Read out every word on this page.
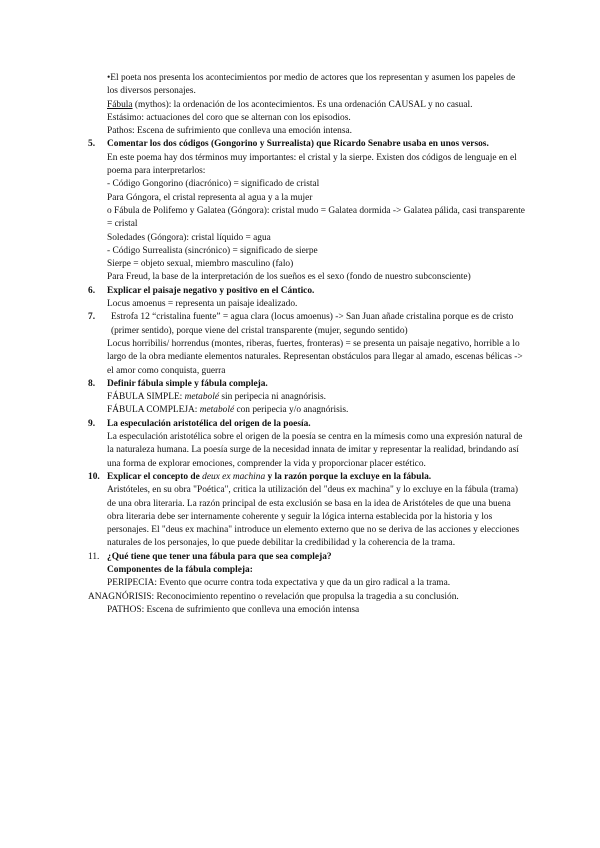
•El poeta nos presenta los acontecimientos por medio de actores que los representan y asumen los papeles de los diversos personajes.

Fábula (mythos): la ordenación de los acontecimientos. Es una ordenación CAUSAL y no casual.

Estásimo: actuaciones del coro que se alternan con los episodios.

Pathos: Escena de sufrimiento que conlleva una emoción intensa.

5. Comentar los dos códigos (Gongorino y Surrealista) que Ricardo Senabre usaba en unos versos.

En este poema hay dos términos muy importantes: el cristal y la sierpe. Existen dos códigos de lenguaje en el poema para interpretarlos:

- Código Gongorino (diacrónico) = significado de cristal

Para Góngora, el cristal representa al agua y a la mujer

o Fábula de Polifemo y Galatea (Góngora): cristal mudo = Galatea dormida -> Galatea pálida, casi transparente = cristal

Soledades (Góngora): cristal líquido = agua

- Código Surrealista (sincrónico) = significado de sierpe

Sierpe = objeto sexual, miembro masculino (falo)

Para Freud, la base de la interpretación de los sueños es el sexo (fondo de nuestro subconsciente)

6. Explicar el paisaje negativo y positivo en el Cántico.

Locus amoenus = representa un paisaje idealizado.

7.	Estrofa 12 “cristalina fuente” = agua clara (locus amoenus) -> San Juan añade cristalina porque es de cristo (primer sentido), porque viene del cristal transparente (mujer, segundo sentido)

Locus horribilis/ horrendus (montes, riberas, fuertes, fronteras) = se presenta un paisaje negativo, horrible a lo largo de la obra mediante elementos naturales. Representan obstáculos para llegar al amado, escenas bélicas -> el amor como conquista, guerra

8. Definir fábula simple y fábula compleja.

FÁBULA SIMPLE: metabolé sin peripecia ni anagnórisis.

FÁBULA COMPLEJA: metabolé con peripecia y/o anagnórisis.

9. La especulación aristotélica del origen de la poesía.

La especulación aristotélica sobre el origen de la poesía se centra en la mímesis como una expresión natural de la naturaleza humana. La poesía surge de la necesidad innata de imitar y representar la realidad, brindando así una forma de explorar emociones, comprender la vida y proporcionar placer estético.

10. Explicar el concepto de deux ex machina y la razón porque la excluye en la fábula.

Aristóteles, en su obra "Poética", critica la utilización del "deus ex machina" y lo excluye en la fábula (trama) de una obra literaria. La razón principal de esta exclusión se basa en la idea de Aristóteles de que una buena obra literaria debe ser internamente coherente y seguir la lógica interna establecida por la historia y los personajes. El "deus ex machina" introduce un elemento externo que no se deriva de las acciones y elecciones naturales de los personajes, lo que puede debilitar la credibilidad y la coherencia de la trama.

11. ¿Qué tiene que tener una fábula para que sea compleja?

Componentes de la fábula compleja:

PERIPECIA: Evento que ocurre contra toda expectativa y que da un giro radical a la trama.

ANAGNÓRISIS: Reconocimiento repentino o revelación que propulsa la tragedia a su conclusión.

PATHOS: Escena de sufrimiento que conlleva una emoción intensa
